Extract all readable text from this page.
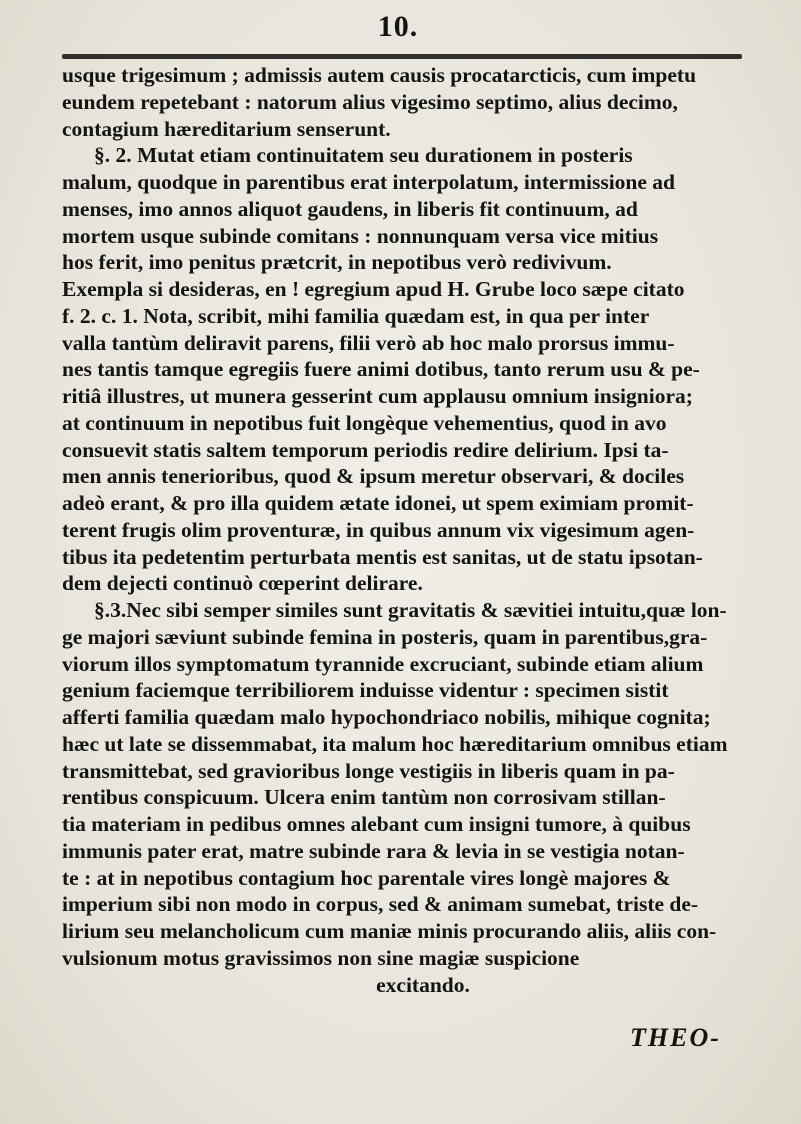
10.
usque trigesimum ; admissis autem causis procatarcticis, cum impetu
eundem repetebant : natorum alius vigesimo septimo, alius decimo,
contagium hæreditarium senserunt.
§. 2. Mutat etiam continuitatem seu durationem in posteris
malum, quodque in parentibus erat interpolatum, intermissione ad
menses, imo annos aliquot gaudens, in liberis fit continuum, ad
mortem usque subinde comitans : nonnunquam versa vice mitius
hos ferit, imo penitus prætcrit, in nepotibus verò redivivum.
Exempla si desideras, en ! egregium apud H. Grube loco sæpe citato
f. 2. c. 1. Nota, scribit, mihi familia quædam est, in qua per inter
valla tantùm deliravit parens, filii verò ab hoc malo prorsus immu-
nes tantis tamque egregiis fuere animi dotibus, tanto rerum usu & pe-
ritiâ illustres, ut munera gesserint cum applausu omnium insigniora;
at continuum in nepotibus fuit longèque vehementius, quod in avo
consuevit statis saltem temporum periodis redire delirium. Ipsi ta-
men annis tenerioribus, quod & ipsum meretur observari, & dociles
adeò erant, & pro illa quidem ætate idonei, ut spem eximiam promit-
terent frugis olim proventuræ, in quibus annum vix vigesimum agen-
tibus ita pedetentim perturbata mentis est sanitas, ut de statu ipsotan-
dem dejecti continuò cœperint delirare.
§.3.Nec sibi semper similes sunt gravitatis & sævitiei intuitu,quæ lon-
ge majori sæviunt subinde femina in posteris, quam in parentibus,gra-
viorum illos symptomatum tyrannide excruciant, subinde etiam alium
genium faciemque terribiliorem induisse videntur : specimen sistit
afferti familia quædam malo hypochondriaco nobilis, mihique cognita;
hæc ut late se dissemmabat, ita malum hoc hæreditarium omnibus etiam
transmittebat, sed gravioribus longe vestigiis in liberis quam in pa-
rentibus conspicuum. Ulcera enim tantùm non corrosivam stillan-
tia materiam in pedibus omnes alebant cum insigni tumore, à quibus
immunis pater erat, matre subinde rara & levia in se vestigia notan-
te : at in nepotibus contagium hoc parentale vires longè majores &
imperium sibi non modo in corpus, sed & animam sumebat, triste de-
lirium seu melancholicum cum maniæ minis procurando aliis, aliis con-
vulsionum motus gravissimos non sine magiæ suspicione
excitando.
THEO-
